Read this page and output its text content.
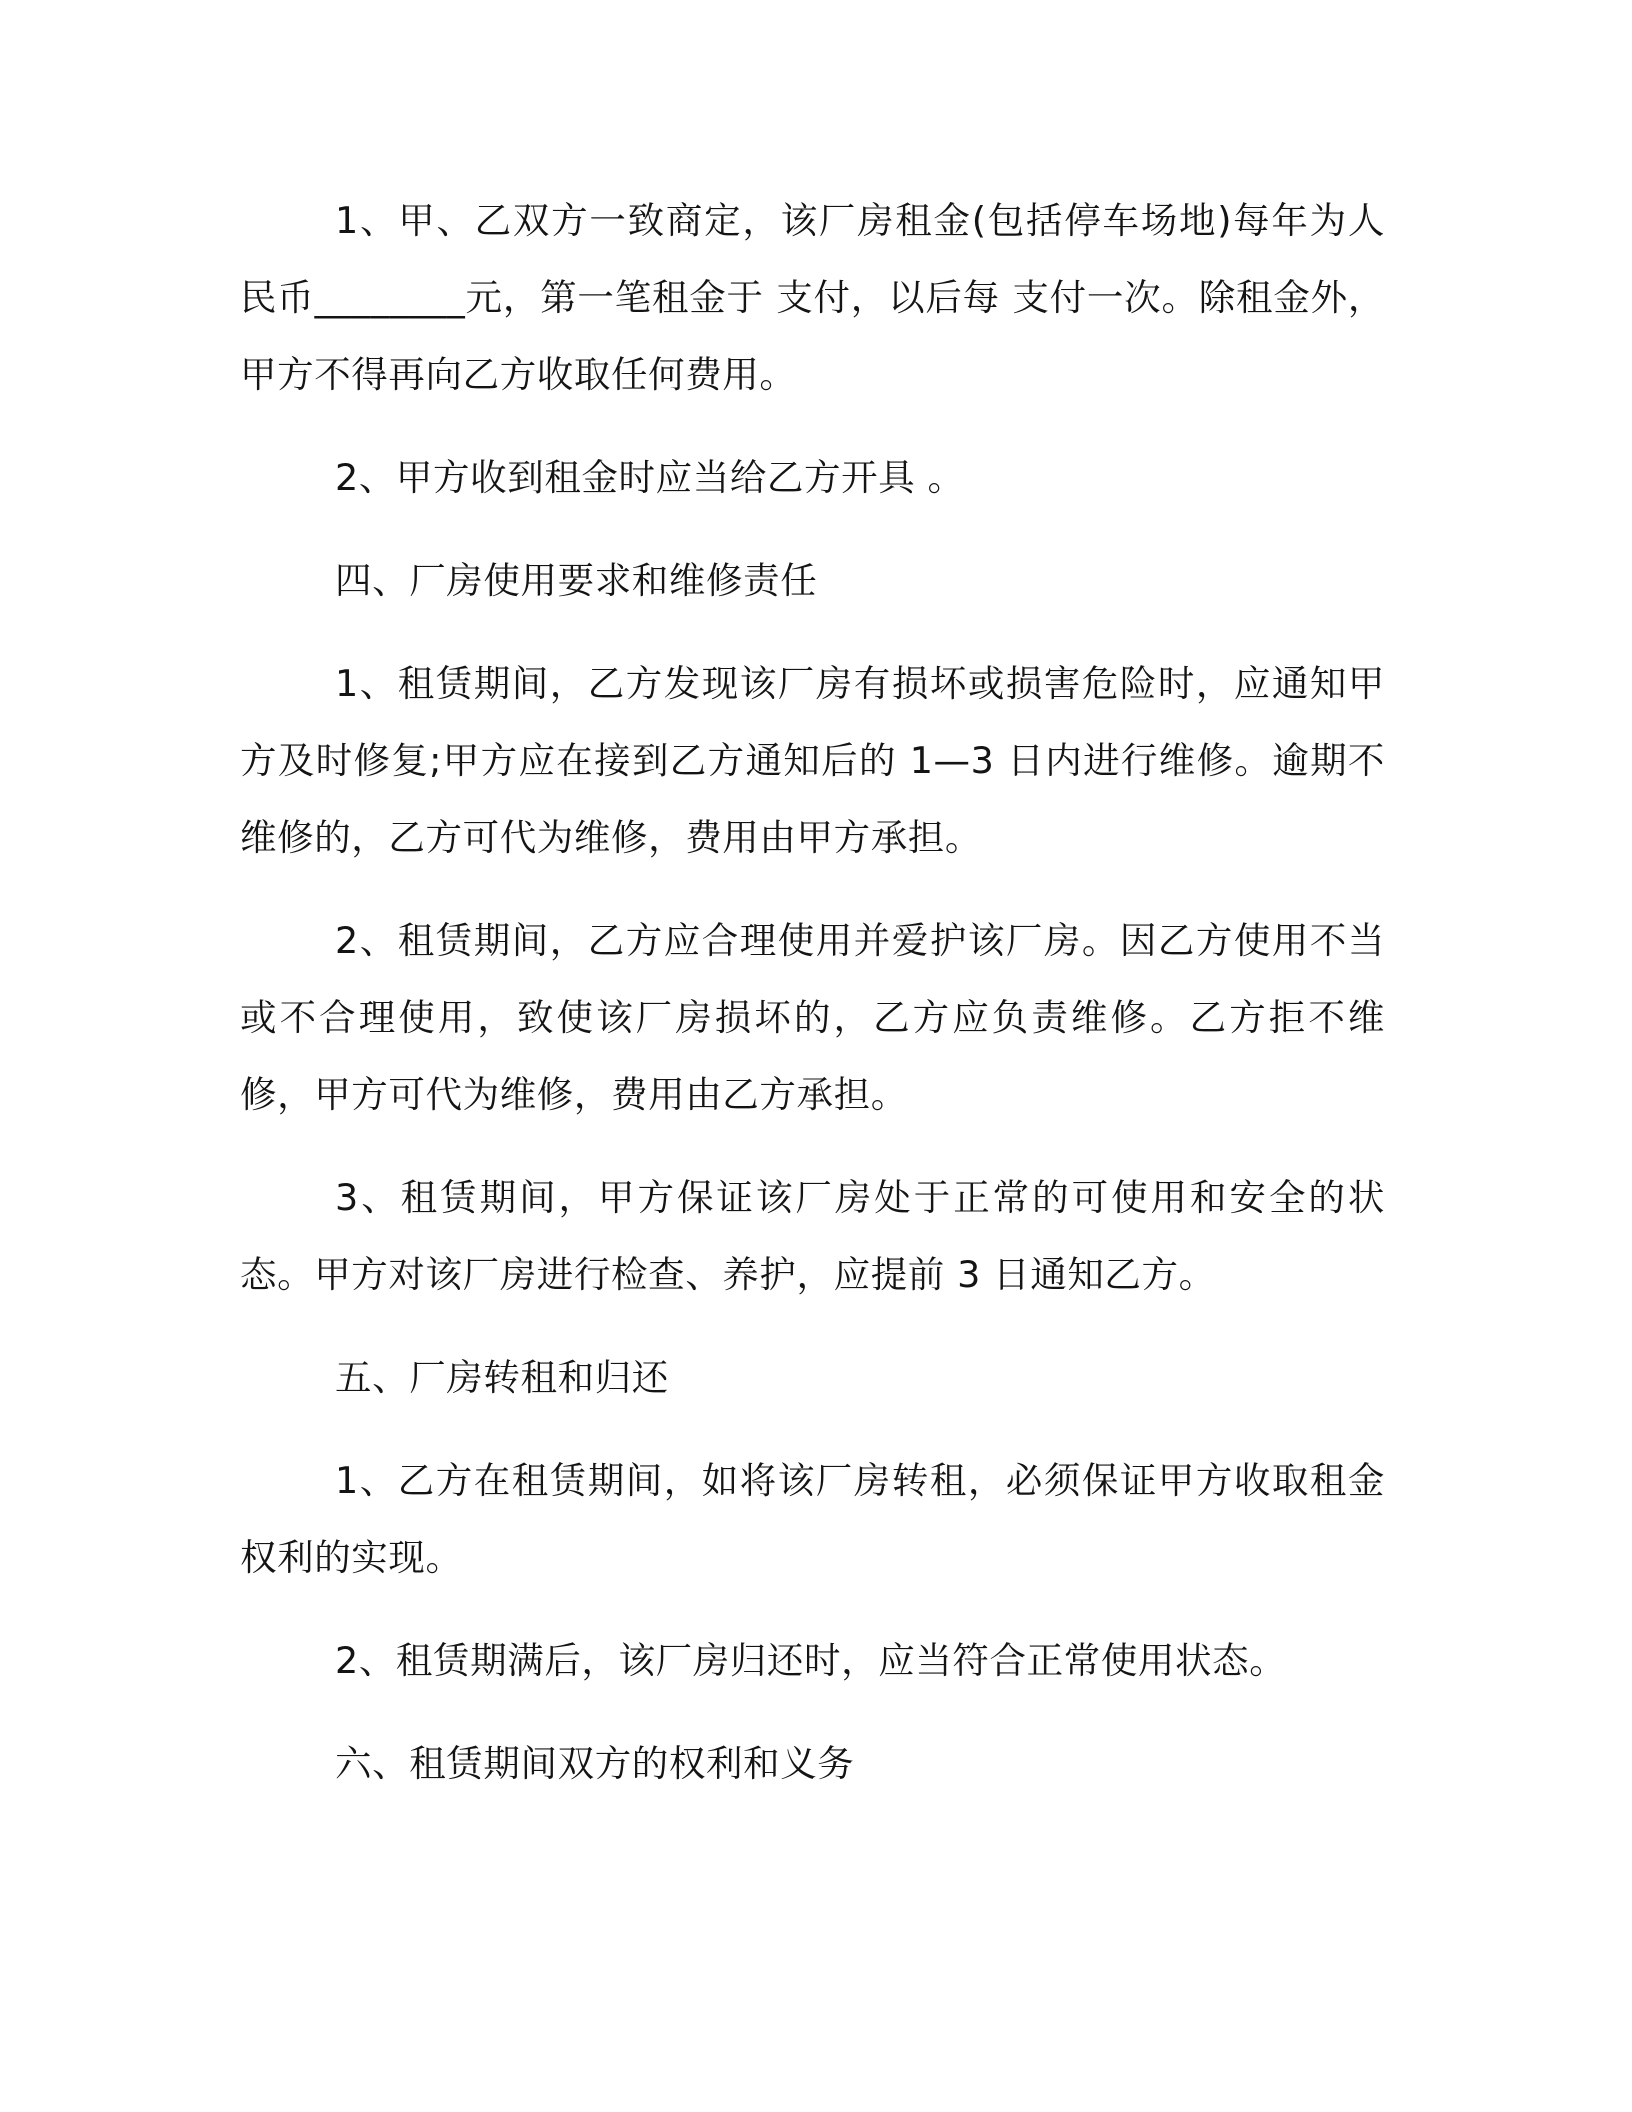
1、甲、乙双方一致商定，该厂房租金(包括停车场地)每年为人民币________元，第一笔租金于 支付，以后每 支付一次。除租金外，甲方不得再向乙方收取任何费用。

2、甲方收到租金时应当给乙方开具 。

四、厂房使用要求和维修责任

1、租赁期间，乙方发现该厂房有损坏或损害危险时，应通知甲方及时修复;甲方应在接到乙方通知后的 1—3 日内进行维修。逾期不维修的，乙方可代为维修，费用由甲方承担。

2、租赁期间，乙方应合理使用并爱护该厂房。因乙方使用不当或不合理使用，致使该厂房损坏的，乙方应负责维修。乙方拒不维修，甲方可代为维修，费用由乙方承担。

3、租赁期间，甲方保证该厂房处于正常的可使用和安全的状态。甲方对该厂房进行检查、养护，应提前 3 日通知乙方。

五、厂房转租和归还

1、乙方在租赁期间，如将该厂房转租，必须保证甲方收取租金权利的实现。

2、租赁期满后，该厂房归还时，应当符合正常使用状态。

六、租赁期间双方的权利和义务
